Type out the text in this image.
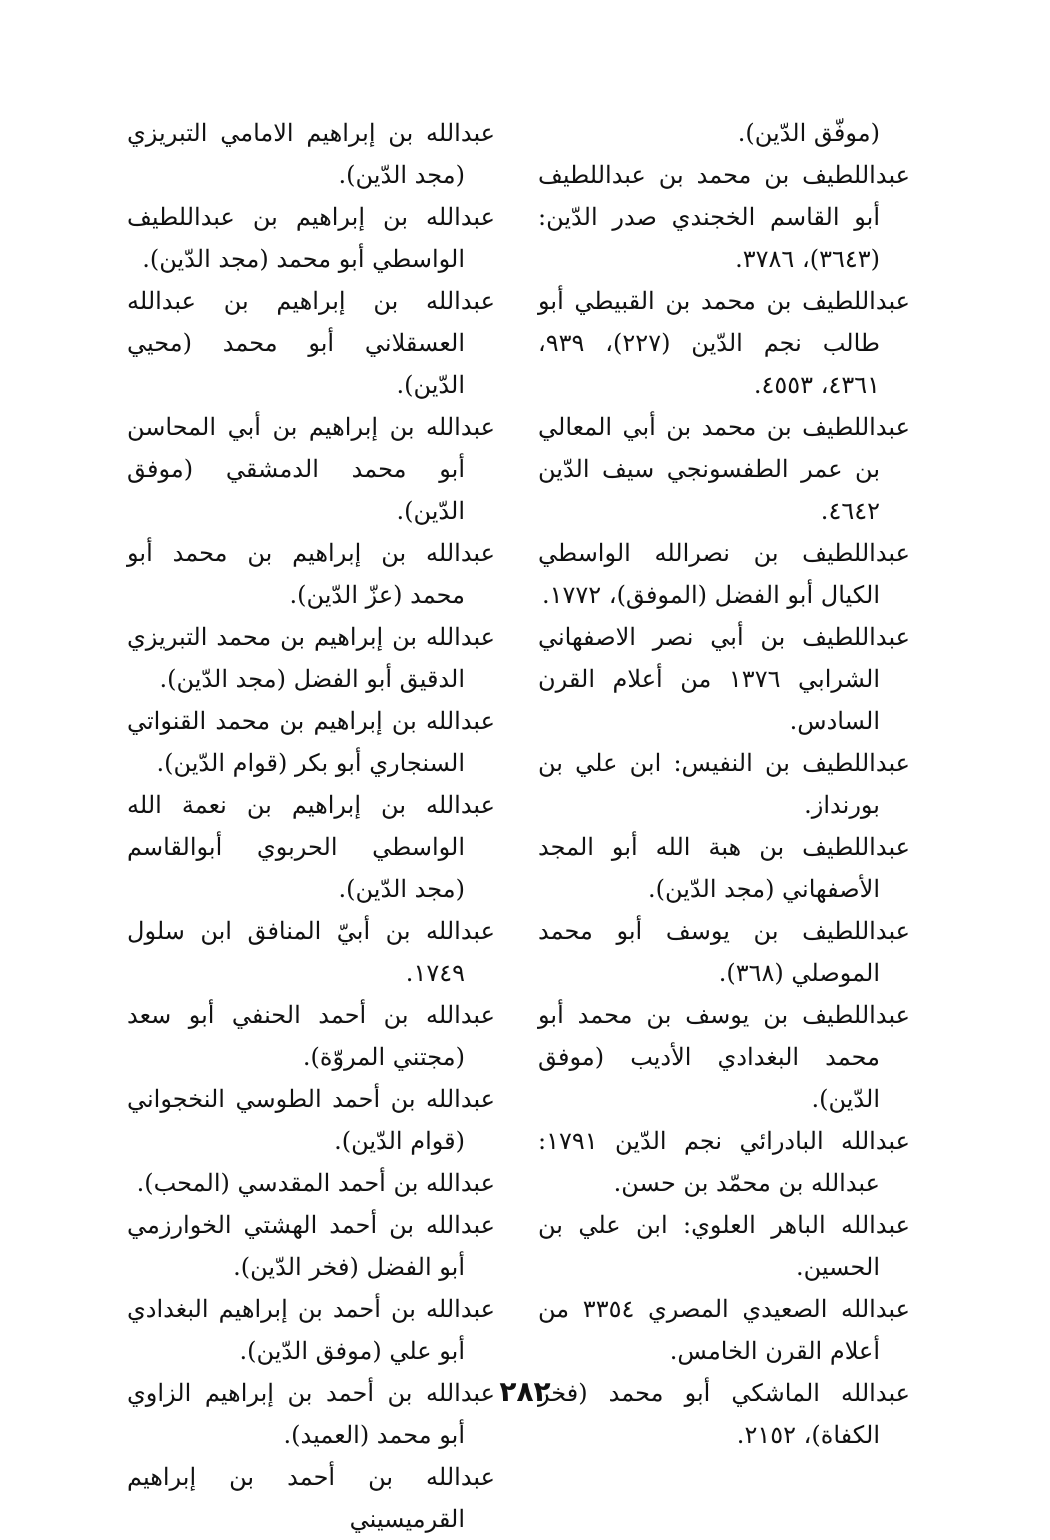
(موفّق الدّين).

عبداللطيف بن محمد بن عبداللطيف أبو القاسم الخجندي صدر الدّين: (٣٦٤٣)، ٣٧٨٦.

عبداللطيف بن محمد بن القبيطي أبو طالب نجم الدّين (٢٢٧)، ٩٣٩، ٤٣٦١، ٤٥٥٣.

عبداللطيف بن محمد بن أبي المعالي بن عمر الطفسونجي سيف الدّين ٤٦٤٢.

عبداللطيف بن نصرالله الواسطي الكيال أبو الفضل (الموفق)، ١٧٧٢.

عبداللطيف بن أبي نصر الاصفهاني الشرابي ١٣٧٦ من أعلام القرن السادس.

عبداللطيف بن النفيس: ابن علي بن بورنداز.

عبداللطيف بن هبة الله أبو المجد الأصفهاني (مجد الدّين).

عبداللطيف بن يوسف أبو محمد الموصلي (٣٦٨).

عبداللطيف بن يوسف بن محمد أبو محمد البغدادي الأديب (موفق الدّين).

عبدالله البادرائي نجم الدّين ١٧٩١: عبدالله بن محمّد بن حسن.

عبدالله الباهر العلوي: ابن علي بن الحسين.

عبدالله الصعيدي المصري ٣٣٥٤ من أعلام القرن الخامس.

عبدالله الماشكي أبو محمد (فخر الكفاة)، ٢١٥٢.

عبدالله بن إبراهيم الامامي التبريزي (مجد الدّين).

عبدالله بن إبراهيم بن عبداللطيف الواسطي أبو محمد (مجد الدّين).

عبدالله بن إبراهيم بن عبدالله العسقلاني أبو محمد (محيي الدّين).

عبدالله بن إبراهيم بن أبي المحاسن أبو محمد الدمشقي (موفق الدّين).

عبدالله بن إبراهيم بن محمد أبو محمد (عزّ الدّين).

عبدالله بن إبراهيم بن محمد التبريزي الدقيق أبو الفضل (مجد الدّين).

عبدالله بن إبراهيم بن محمد القنواتي السنجاري أبو بكر (قوام الدّين).

عبدالله بن إبراهيم بن نعمة الله الواسطي الحربوي أبوالقاسم (مجد الدّين).

عبدالله بن أبيّ المنافق ابن سلول ١٧٤٩.

عبدالله بن أحمد الحنفي أبو سعد (مجتني المروّة).

عبدالله بن أحمد الطوسي النخجواني (قوام الدّين).

عبدالله بن أحمد المقدسي (المحب).

عبدالله بن أحمد الهشتي الخوارزمي أبو الفضل (فخر الدّين).

عبدالله بن أحمد بن إبراهيم البغدادي أبو علي (موفق الدّين).

عبدالله بن أحمد بن إبراهيم الزاوي أبو محمد (العميد).

عبدالله بن أحمد بن إبراهيم القرميسيني

٢٨٢
